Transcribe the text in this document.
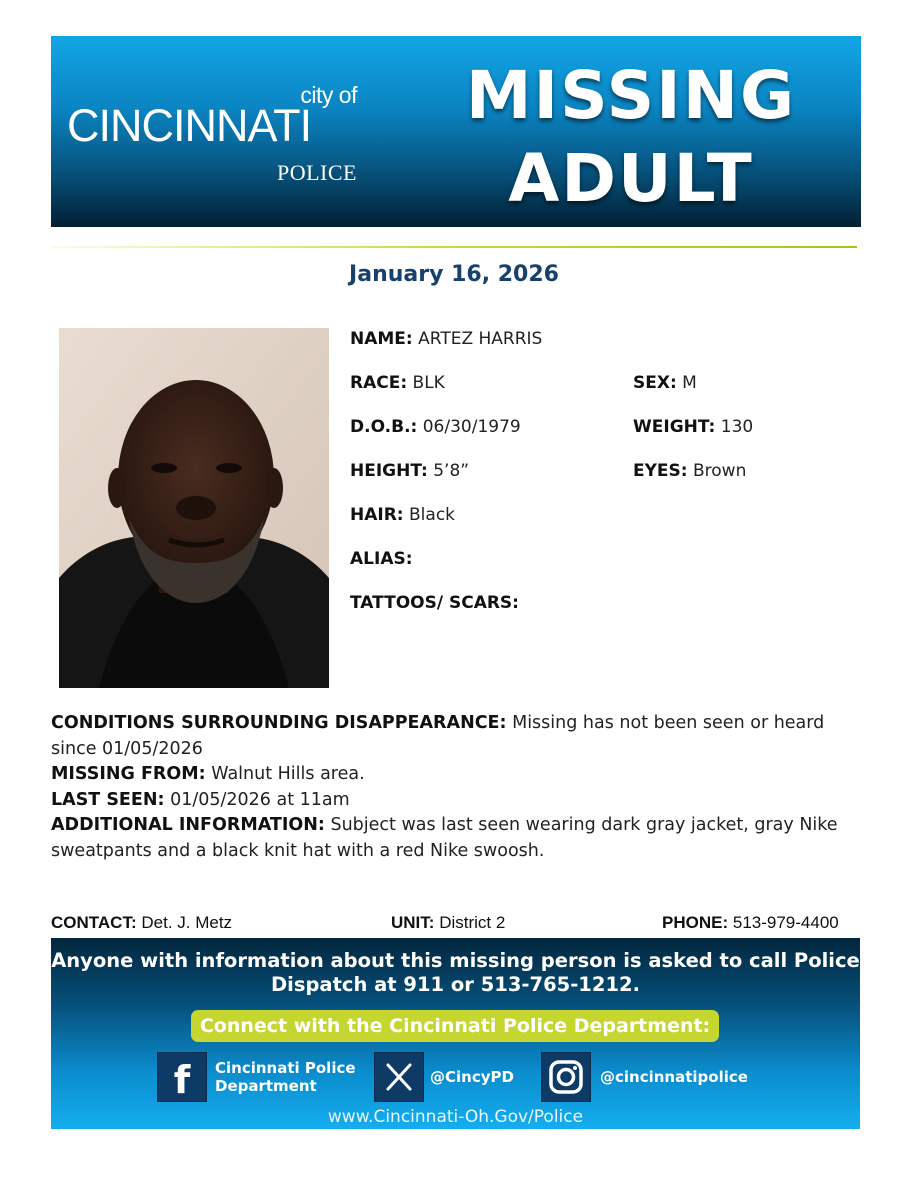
city of
CINCINNATI
POLICE
MISSING
ADULT
January 16, 2026
NAME: ARTEZ HARRIS
RACE: BLK	SEX: M
D.O.B.: 06/30/1979	WEIGHT: 130
HEIGHT: 5’8”	EYES: Brown
HAIR: Black
ALIAS:
TATTOOS/ SCARS:

CONDITIONS SURROUNDING DISAPPEARANCE: Missing has not been seen or heard since 01/05/2026

MISSING FROM: Walnut Hills area.

LAST SEEN: 01/05/2026 at 11am

ADDITIONAL INFORMATION: Subject was last seen wearing dark gray jacket, gray Nike sweatpants and a black knit hat with a red Nike swoosh.

CONTACT: Det. J. Metz	UNIT: District 2	PHONE: 513-979-4400
Anyone with information about this missing person is asked to call Police
Dispatch at 911 or 513-765-1212.
Connect with the Cincinnati Police Department:
f Cincinnati Police
Department	@CincyPD	@cincinnatipolice
www.Cincinnati-Oh.Gov/Police
